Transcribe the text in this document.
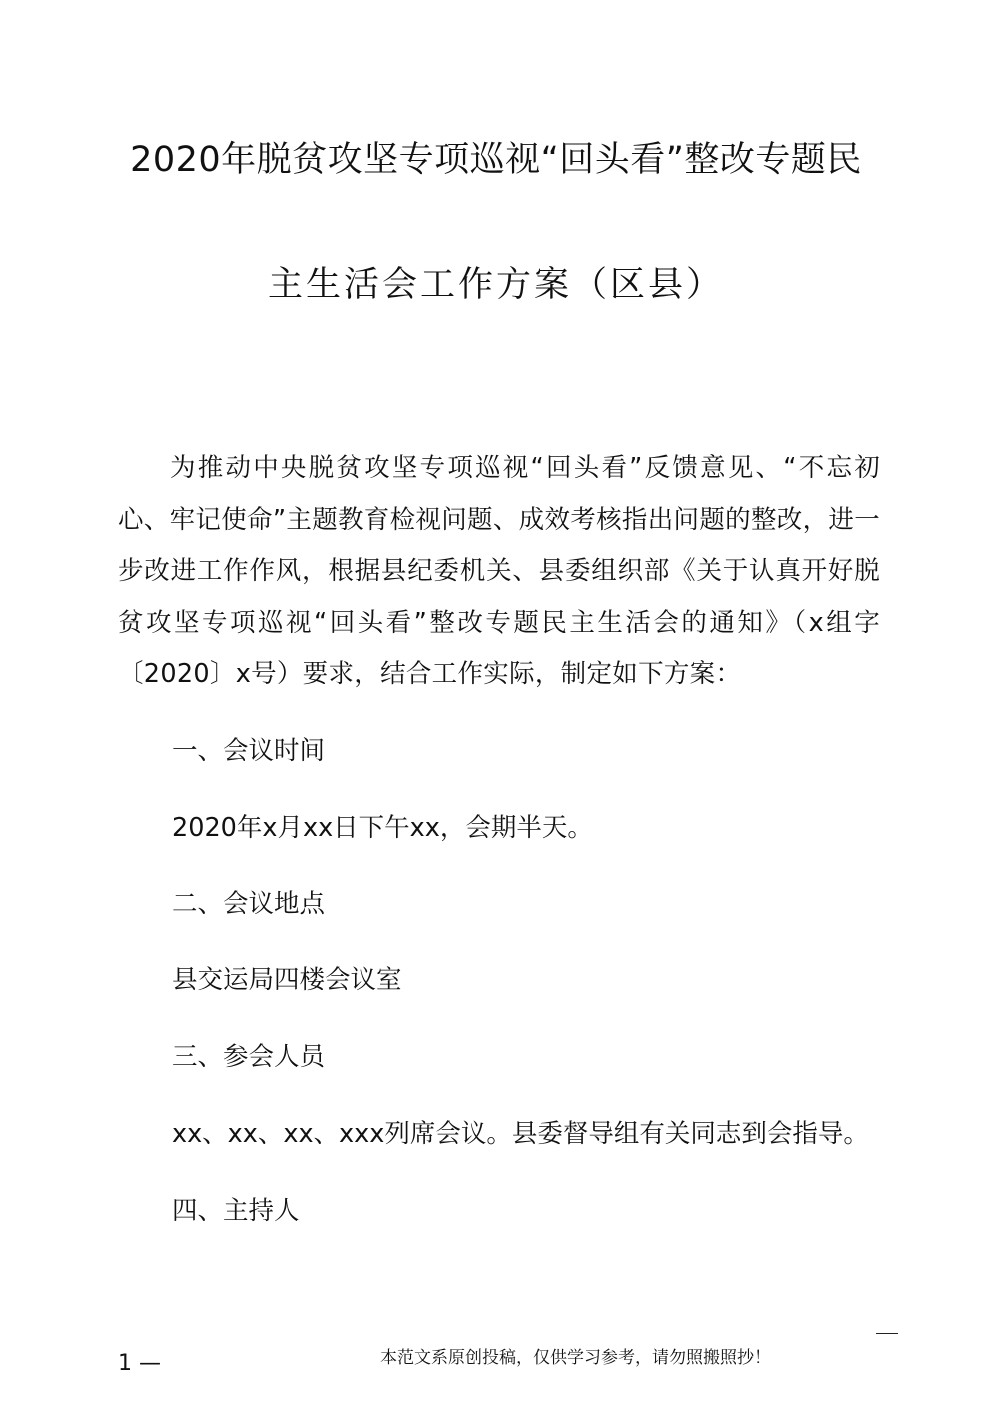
2020年脱贫攻坚专项巡视“回头看”整改专题民
主生活会工作方案（区县）
为推动中央脱贫攻坚专项巡视“回头看”反馈意见、“不忘初心、牢记使命”主题教育检视问题、成效考核指出问题的整改，进一步改进工作作风，根据县纪委机关、县委组织部《关于认真开好脱贫攻坚专项巡视“回头看”整改专题民主生活会的通知》（x组字〔2020〕x号）要求，结合工作实际，制定如下方案：
一、会议时间
2020年x月xx日下午xx，会期半天。
二、会议地点
县交运局四楼会议室
三、参会人员
xx、xx、xx、xxx列席会议。县委督导组有关同志到会指导。
四、主持人
1 —	本范文系原创投稿，仅供学习参考，请勿照搬照抄！
